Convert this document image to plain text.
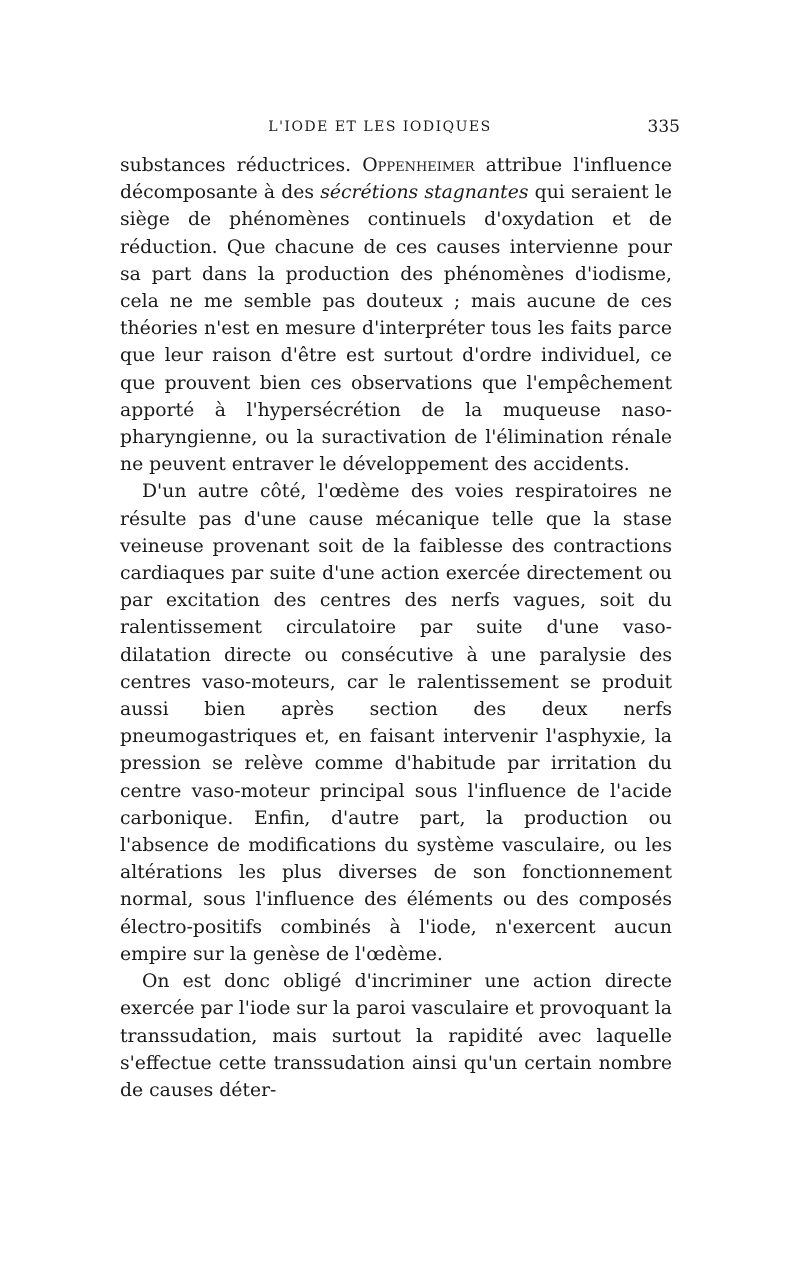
L'IODE ET LES IODIQUES	335

substances réductrices. Oppenheimer attribue l'influence décomposante à des sécrétions stagnantes qui seraient le siège de phénomènes continuels d'oxydation et de réduction. Que chacune de ces causes intervienne pour sa part dans la production des phénomènes d'iodisme, cela ne me semble pas douteux ; mais aucune de ces théories n'est en mesure d'interpréter tous les faits parce que leur raison d'être est surtout d'ordre individuel, ce que prouvent bien ces observations que l'empêchement apporté à l'hypersécrétion de la muqueuse naso-pharyngienne, ou la suractivation de l'élimination rénale ne peuvent entraver le développement des accidents.

D'un autre côté, l'œdème des voies respiratoires ne résulte pas d'une cause mécanique telle que la stase veineuse provenant soit de la faiblesse des contractions cardiaques par suite d'une action exercée directement ou par excitation des centres des nerfs vagues, soit du ralentissement circulatoire par suite d'une vaso-dilatation directe ou consécutive à une paralysie des centres vaso-moteurs, car le ralentissement se produit aussi bien après section des deux nerfs pneumogastriques et, en faisant intervenir l'asphyxie, la pression se relève comme d'habitude par irritation du centre vaso-moteur principal sous l'influence de l'acide carbonique. Enfin, d'autre part, la production ou l'absence de modifications du système vasculaire, ou les altérations les plus diverses de son fonctionnement normal, sous l'influence des éléments ou des composés électro-positifs combinés à l'iode, n'exercent aucun empire sur la genèse de l'œdème.

On est donc obligé d'incriminer une action directe exercée par l'iode sur la paroi vasculaire et provoquant la transsudation, mais surtout la rapidité avec laquelle s'effectue cette transsudation ainsi qu'un certain nombre de causes déter-
